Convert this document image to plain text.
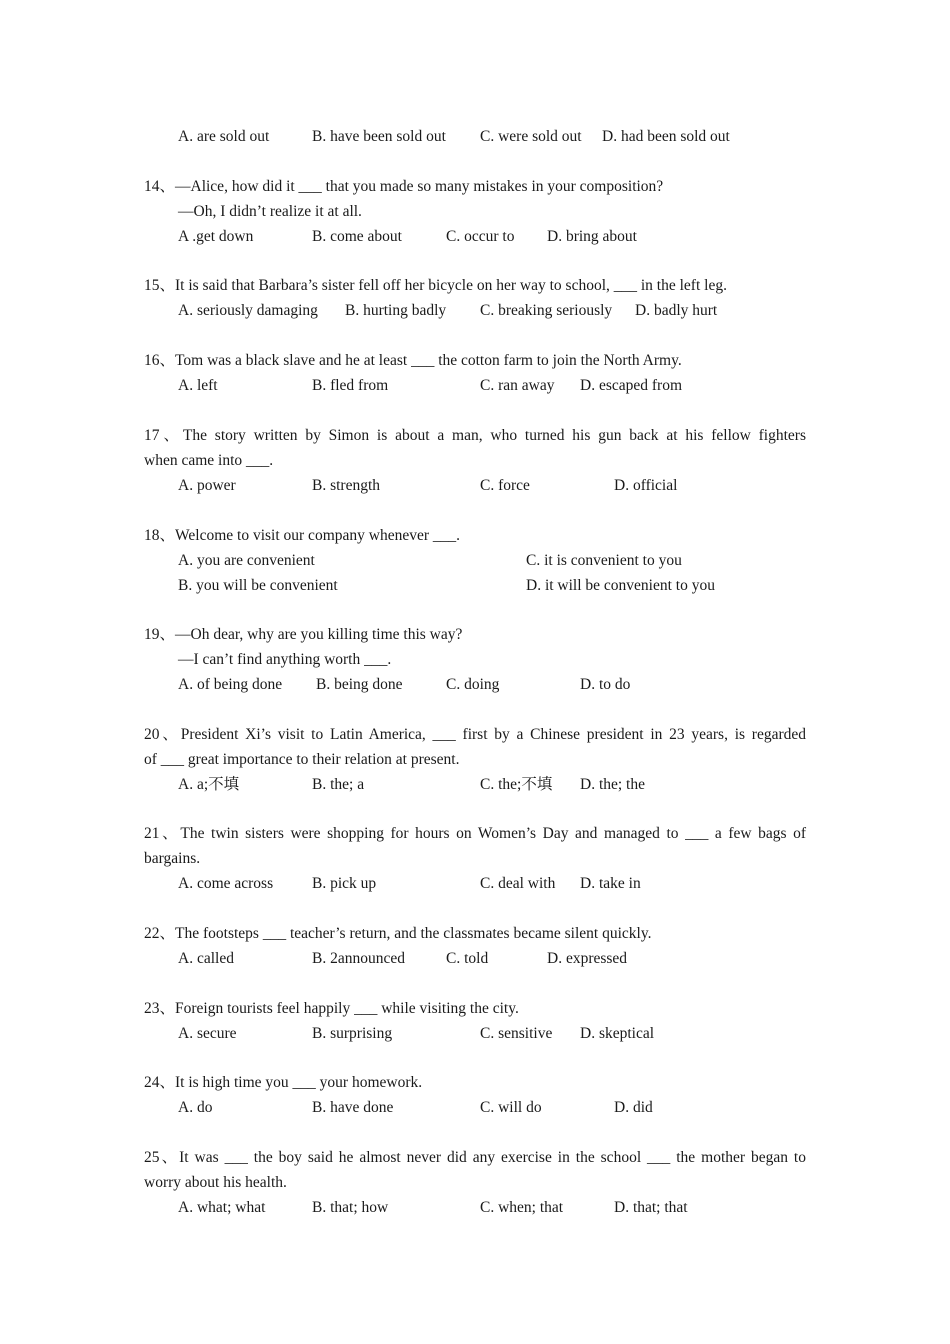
A. are sold out	B. have been sold out C. were sold out D. had been sold out
14、—Alice, how did it ___ that you made so many mistakes in your composition?
—Oh, I didn’t realize it at all.
A .get down	B. come about	C. occur to D. bring about
15、It is said that Barbara’s sister fell off her bicycle on her way to school, ___ in the left leg.
A. seriously damaging B. hurting badly C. breaking seriously D. badly hurt
16、Tom was a black slave and he at least ___ the cotton farm to join the North Army.
A. left	B. fled from	C. ran away D. escaped from
17、The story written by Simon is about a man, who turned his gun back at his fellow fighters
when came into ___.
A. power	B. strength	C. force	D. official
18、Welcome to visit our company whenever ___.
A. you are convenient	C. it is convenient to you
B. you will be convenient	D. it will be convenient to you
19、—Oh dear, why are you killing time this way?
—I can’t find anything worth ___.
A. of being done B. being done	C. doing	D. to do
20、President Xi’s visit to Latin America, ___ first by a Chinese president in 23 years, is regarded
of ___ great importance to their relation at present.
A. a;不填	B. the; a	C. the;不填 D. the; the
21、The twin sisters were shopping for hours on Women’s Day and managed to ___ a few bags of
bargains.
A. come across	B. pick up	C. deal with D. take in
22、The footsteps ___ teacher’s return, and the classmates became silent quickly.
A. called	B. 2announced	C. told	D. expressed
23、Foreign tourists feel happily ___ while visiting the city.
A. secure	B. surprising	C. sensitive D. skeptical
24、It is high time you ___ your homework.
A. do	B. have done	C. will do	D. did
25、It was ___ the boy said he almost never did any exercise in the school ___ the mother began to
worry about his health.
A. what; what	B. that; how	C. when; that	D. that; that
